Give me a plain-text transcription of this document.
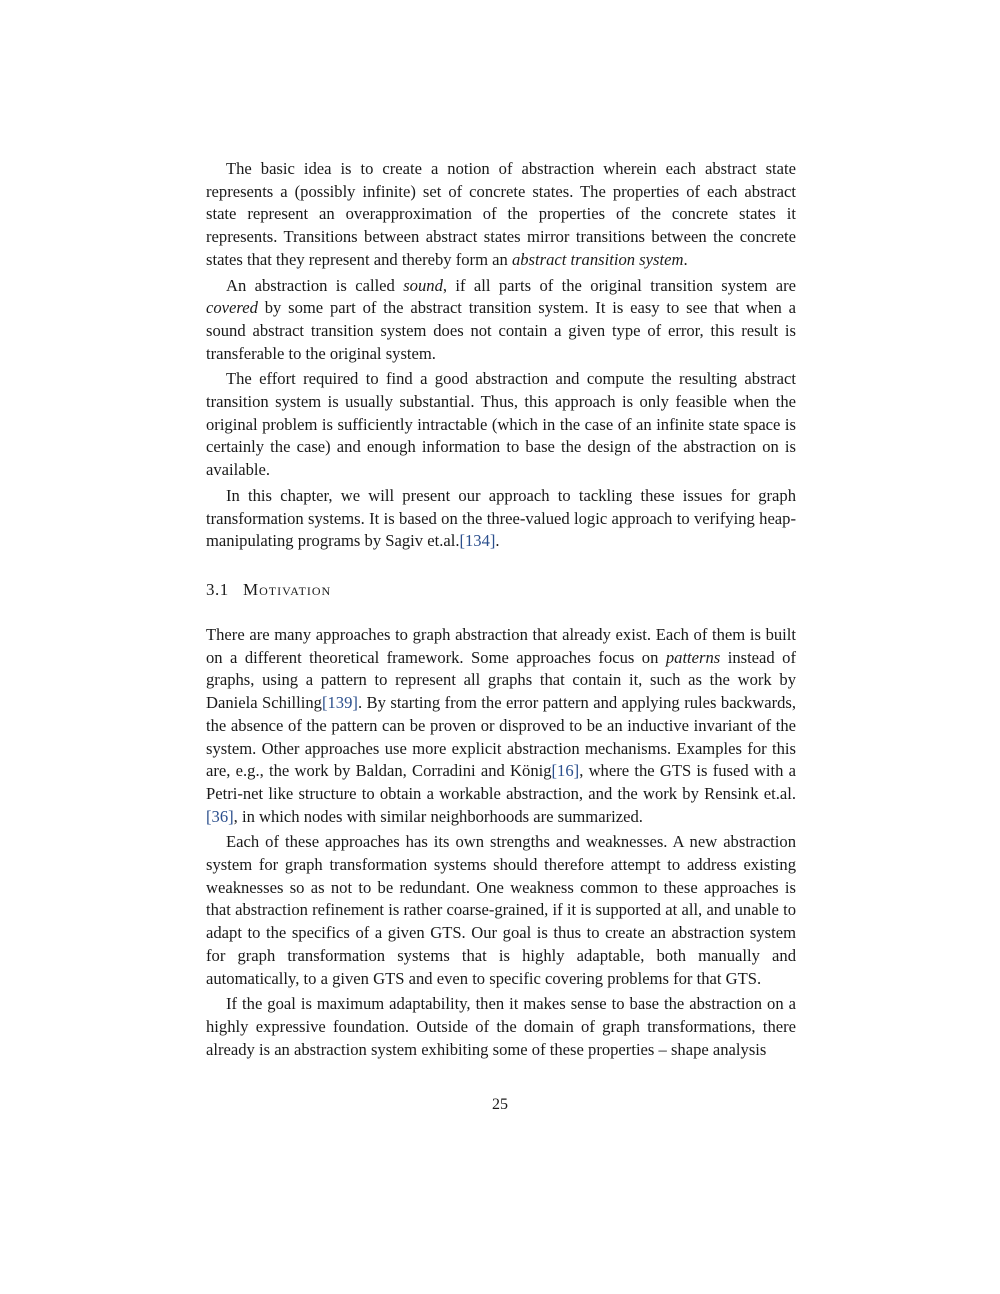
The basic idea is to create a notion of abstraction wherein each abstract state represents a (possibly infinite) set of concrete states. The properties of each abstract state represent an overapproximation of the properties of the concrete states it represents. Transitions between abstract states mirror transitions between the concrete states that they represent and thereby form an abstract transition system.

An abstraction is called sound, if all parts of the original transition system are covered by some part of the abstract transition system. It is easy to see that when a sound abstract transition system does not contain a given type of error, this result is transferable to the original system.

The effort required to find a good abstraction and compute the resulting abstract transition system is usually substantial. Thus, this approach is only feasible when the original problem is sufficiently intractable (which in the case of an infinite state space is certainly the case) and enough information to base the design of the abstraction on is available.

In this chapter, we will present our approach to tackling these issues for graph transformation systems. It is based on the three-valued logic approach to verifying heap-manipulating programs by Sagiv et.al.[134].

3.1 Motivation

There are many approaches to graph abstraction that already exist. Each of them is built on a different theoretical framework. Some approaches focus on patterns instead of graphs, using a pattern to represent all graphs that contain it, such as the work by Daniela Schilling[139]. By starting from the error pattern and applying rules backwards, the absence of the pattern can be proven or disproved to be an inductive invariant of the system. Other approaches use more explicit abstraction mechanisms. Examples for this are, e.g., the work by Baldan, Corradini and König[16], where the GTS is fused with a Petri-net like structure to obtain a workable abstraction, and the work by Rensink et.al.[36], in which nodes with similar neighborhoods are summarized.

Each of these approaches has its own strengths and weaknesses. A new abstraction system for graph transformation systems should therefore attempt to address existing weaknesses so as not to be redundant. One weakness common to these approaches is that abstraction refinement is rather coarse-grained, if it is supported at all, and unable to adapt to the specifics of a given GTS. Our goal is thus to create an abstraction system for graph transformation systems that is highly adaptable, both manually and automatically, to a given GTS and even to specific covering problems for that GTS.

If the goal is maximum adaptability, then it makes sense to base the abstraction on a highly expressive foundation. Outside of the domain of graph transformations, there already is an abstraction system exhibiting some of these properties – shape analysis

25
